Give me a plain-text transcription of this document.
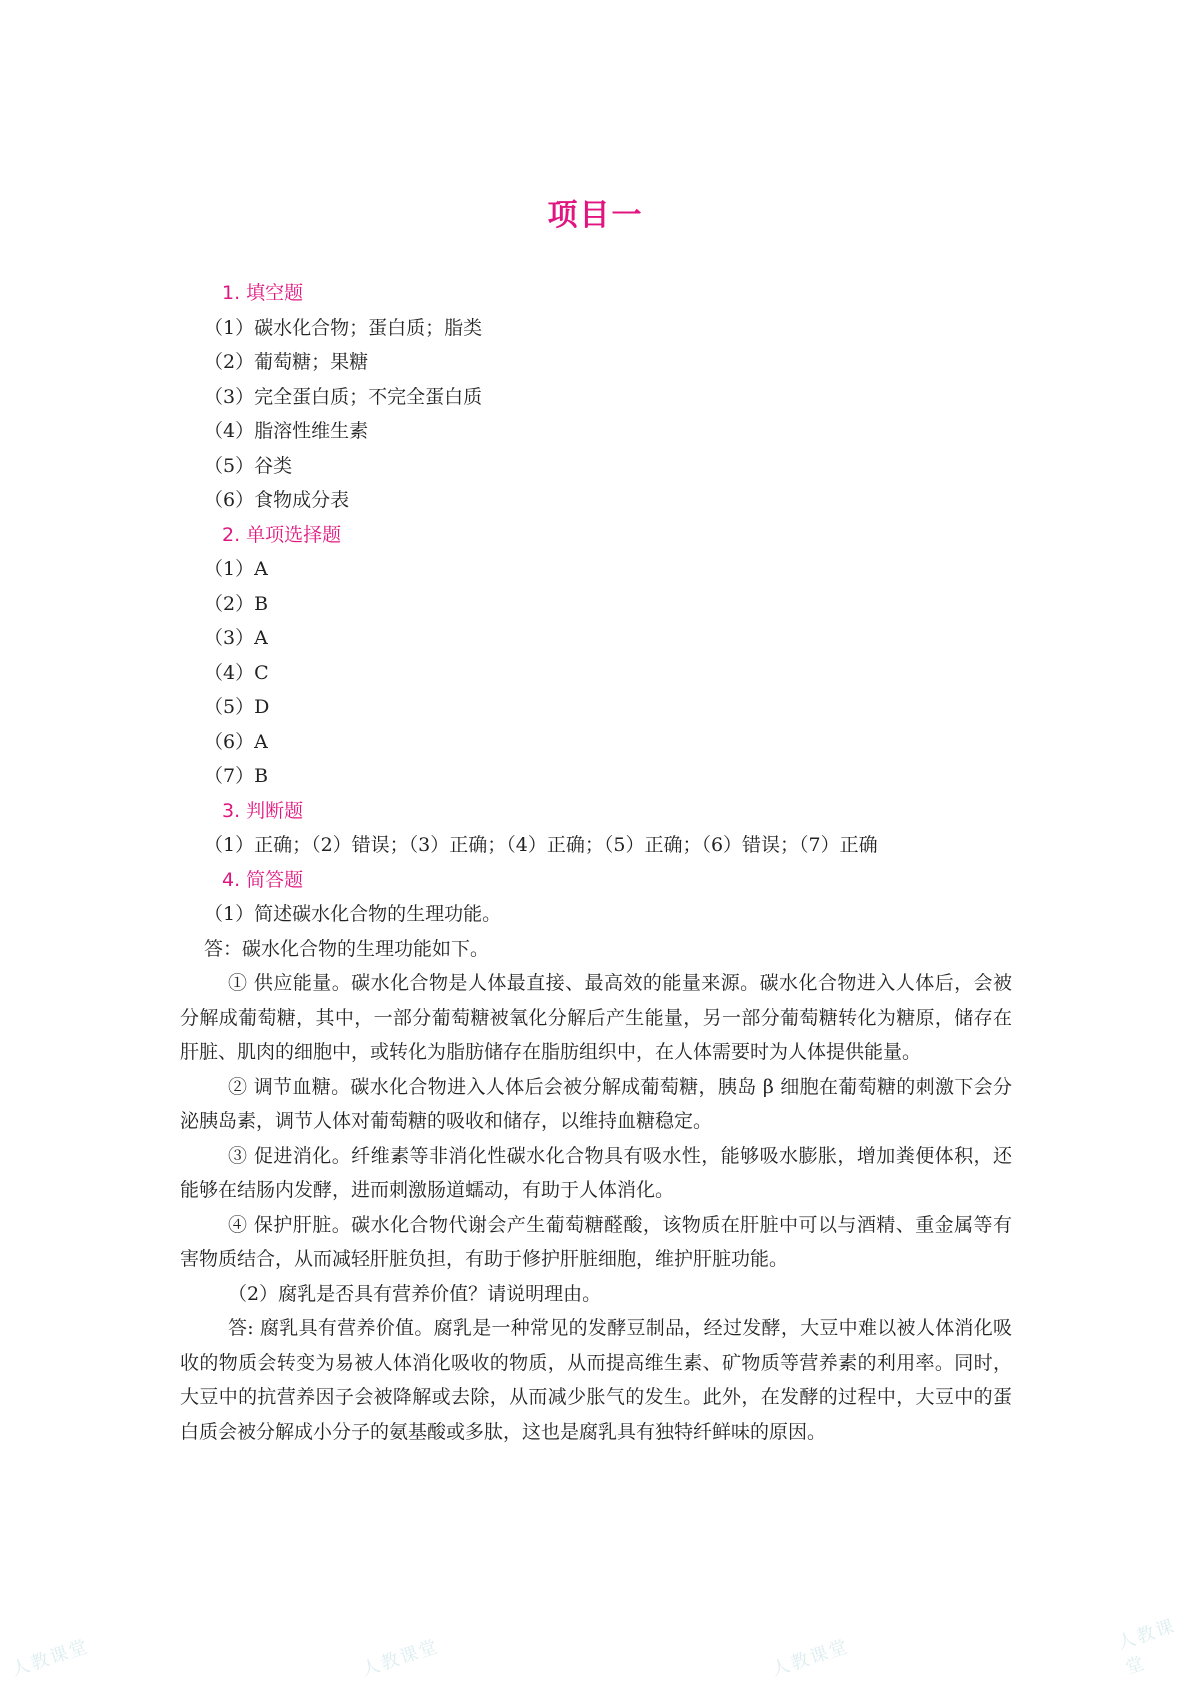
项目一
1. 填空题
（1）碳水化合物；蛋白质；脂类
（2）葡萄糖；果糖
（3）完全蛋白质；不完全蛋白质
（4）脂溶性维生素
（5）谷类
（6）食物成分表
2. 单项选择题
（1）A
（2）B
（3）A
（4）C
（5）D
（6）A
（7）B
3. 判断题
（1）正确；（2）错误；（3）正确；（4）正确；（5）正确；（6）错误；（7）正确
4. 简答题
（1）简述碳水化合物的生理功能。
答：碳水化合物的生理功能如下。
① 供应能量。碳水化合物是人体最直接、最高效的能量来源。碳水化合物进入人体后，会被分解成葡萄糖，其中，一部分葡萄糖被氧化分解后产生能量，另一部分葡萄糖转化为糖原，储存在肝脏、肌肉的细胞中，或转化为脂肪储存在脂肪组织中，在人体需要时为人体提供能量。
② 调节血糖。碳水化合物进入人体后会被分解成葡萄糖，胰岛 β 细胞在葡萄糖的刺激下会分泌胰岛素，调节人体对葡萄糖的吸收和储存，以维持血糖稳定。
③ 促进消化。纤维素等非消化性碳水化合物具有吸水性，能够吸水膨胀，增加粪便体积，还能够在结肠内发酵，进而刺激肠道蠕动，有助于人体消化。
④ 保护肝脏。碳水化合物代谢会产生葡萄糖醛酸，该物质在肝脏中可以与酒精、重金属等有害物质结合，从而减轻肝脏负担，有助于修护肝脏细胞，维护肝脏功能。
（2）腐乳是否具有营养价值？请说明理由。
答: 腐乳具有营养价值。腐乳是一种常见的发酵豆制品，经过发酵，大豆中难以被人体消化吸收的物质会转变为易被人体消化吸收的物质，从而提高维生素、矿物质等营养素的利用率。同时，大豆中的抗营养因子会被降解或去除，从而减少胀气的发生。此外，在发酵的过程中，大豆中的蛋白质会被分解成小分子的氨基酸或多肽，这也是腐乳具有独特纤鲜味的原因。
人教课堂	人教课堂	人教课堂
人教课堂
